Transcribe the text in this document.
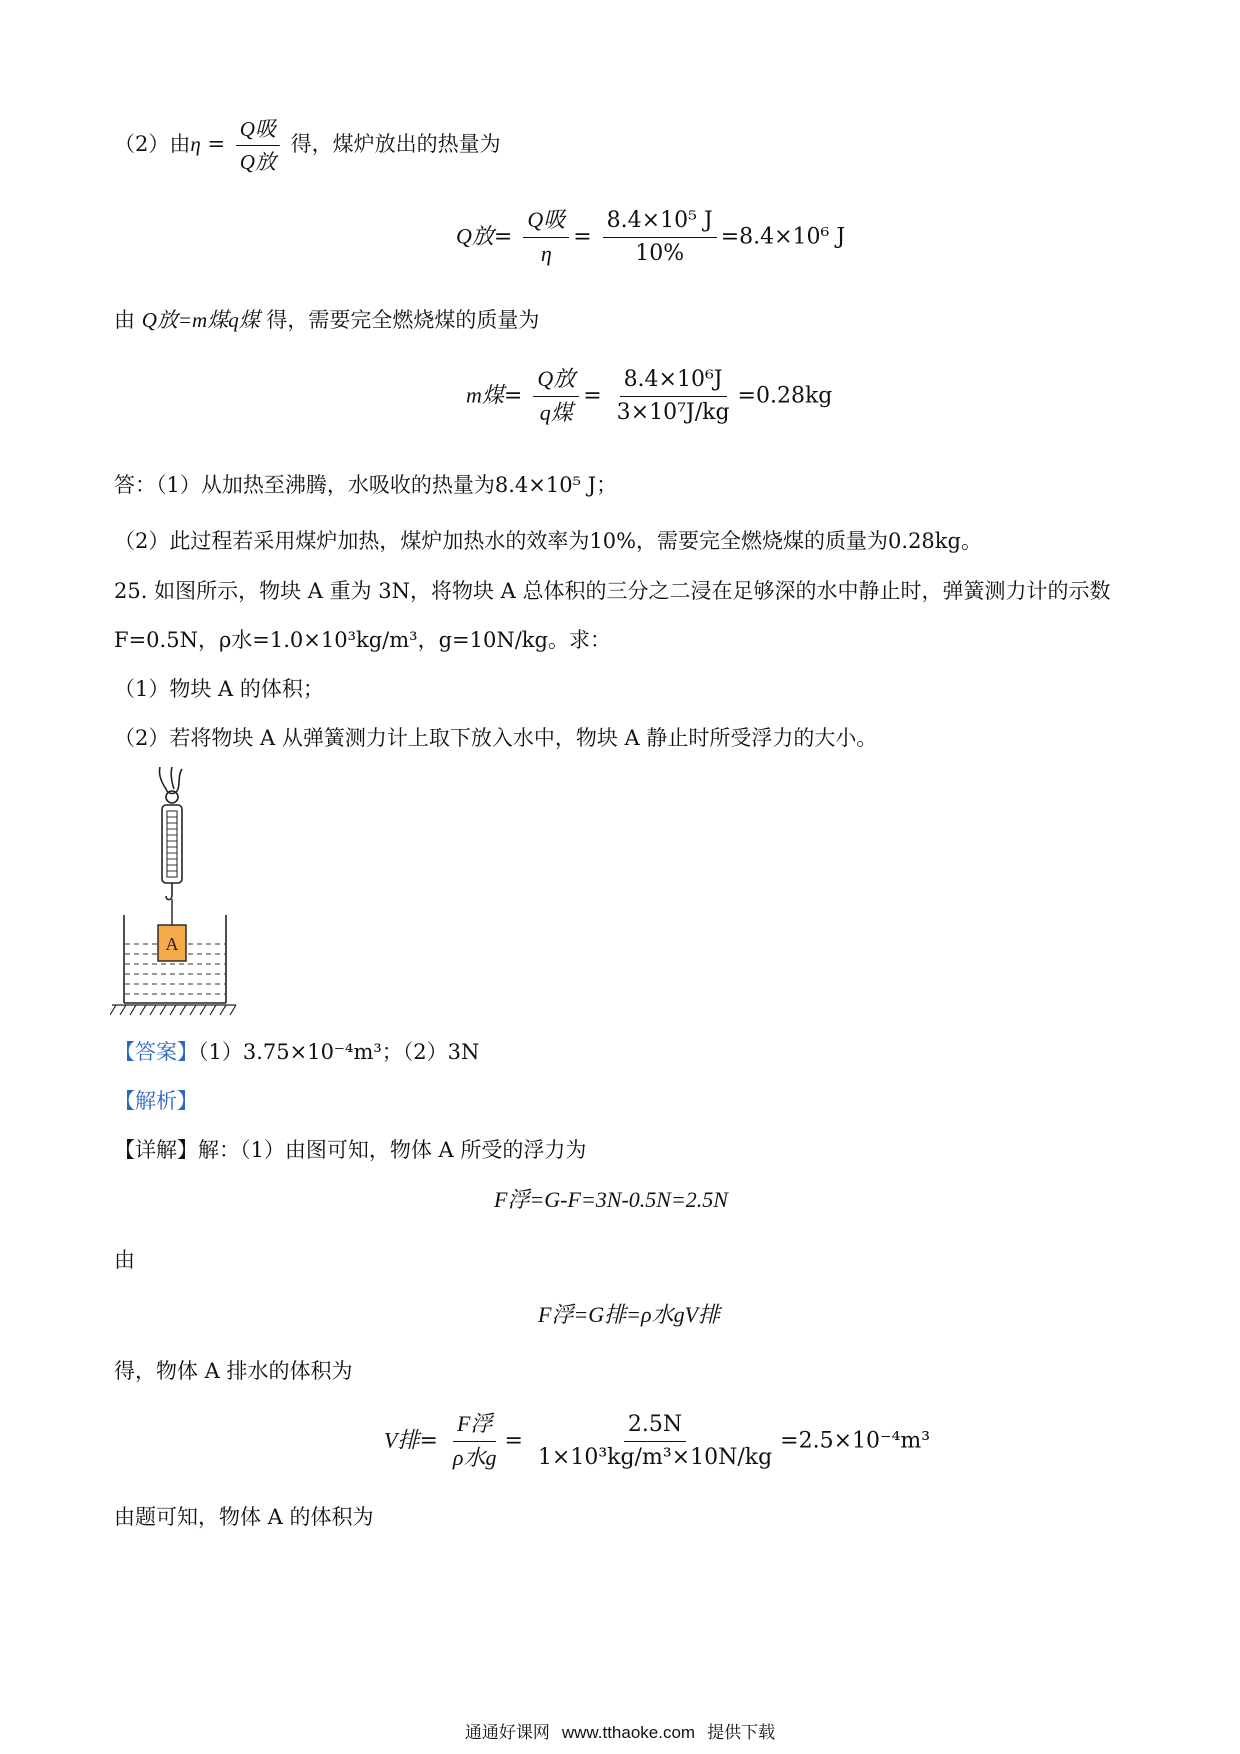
（2）由$\eta = \frac{\text{Q吸}}{\text{Q放}}$ 得，煤炉放出的热量为
Q放= $\frac{\text{Q吸}}{\eta} = \frac{\text{8.4×10⁵ J}}{10\%} =8.4\times 10^6$ J
由 Q放=m煤q煤 得，需要完全燃烧煤的质量为
m煤= $\frac{\text{Q放}}{\text{q煤}} = \frac{\text{8.4×10⁶J}}{\text{3×10⁷J/kg}} =0.28kg$
答：（1）从加热至沸腾，水吸收的热量为8.4×10⁵ J；
（2）此过程若采用煤炉加热，煤炉加热水的效率为10%，需要完全燃烧煤的质量为0.28kg。
25. 如图所示，物块 A 重为 3N，将物块 A 总体积的三分之二浸在足够深的水中静止时，弹簧测力计的示数
F=0.5N，ρ水=1.0×10³kg/m³，g=10N/kg。求：
（1）物块 A 的体积；
（2）若将物块 A 从弹簧测力计上取下放入水中，物块 A 静止时所受浮力的大小。
A
【答案】（1）3.75×10⁻⁴m³；（2）3N
【解析】
【详解】解：（1）由图可知，物体 A 所受的浮力为
F浮=G-F=3N-0.5N=2.5N
由
F浮=G排=ρ水gV排
得，物体 A 排水的体积为
V排= $\frac{\text{F浮}}{\text{ρ水g}} = \frac{2.5N}{\text{1×10³kg/m³×10N/kg}} =2.5\times 10^{-4}m^3$
由题可知，物体 A 的体积为
通通好课网 www.tthaoke.com 提供下载
